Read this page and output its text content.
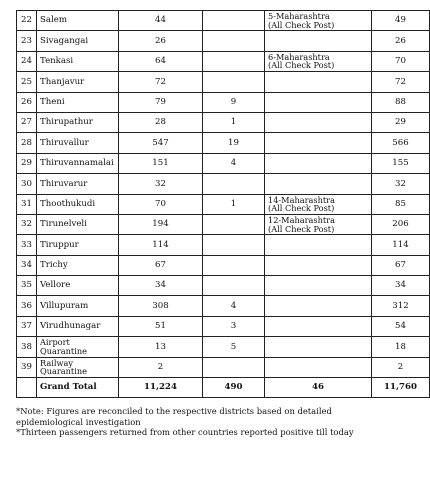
22	Salem	44		5-Maharashtra
(All Check Post)	49
23	Sivagangai	26			26
24	Tenkasi	64		6-Maharashtra
(All Check Post)	70
25	Thanjavur	72			72
26	Theni	79	9		88
27	Thirupathur	28	1		29
28	Thiruvallur	547	19		566
29	Thiruvannamalai	151	4		155
30	Thiruvarur	32			32
31	Thoothukudi	70	1	14-Maharashtra
(All Check Post)	85
32	Tirunelveli	194		12-Maharashtra
(All Check Post)	206
33	Tiruppur	114			114
34	Trichy	67			67
35	Vellore	34			34
36	Villupuram	308	4		312
37	Virudhunagar	51	3		54
38	Airport
Quarantine	13	5		18
39	Railway
Quarantine	2			2
	Grand Total	11,224	490	46	11,760
*Note: Figures are reconciled to the respective districts based on detailed epidemiological investigation
*Thirteen passengers returned from other countries reported positive till today
